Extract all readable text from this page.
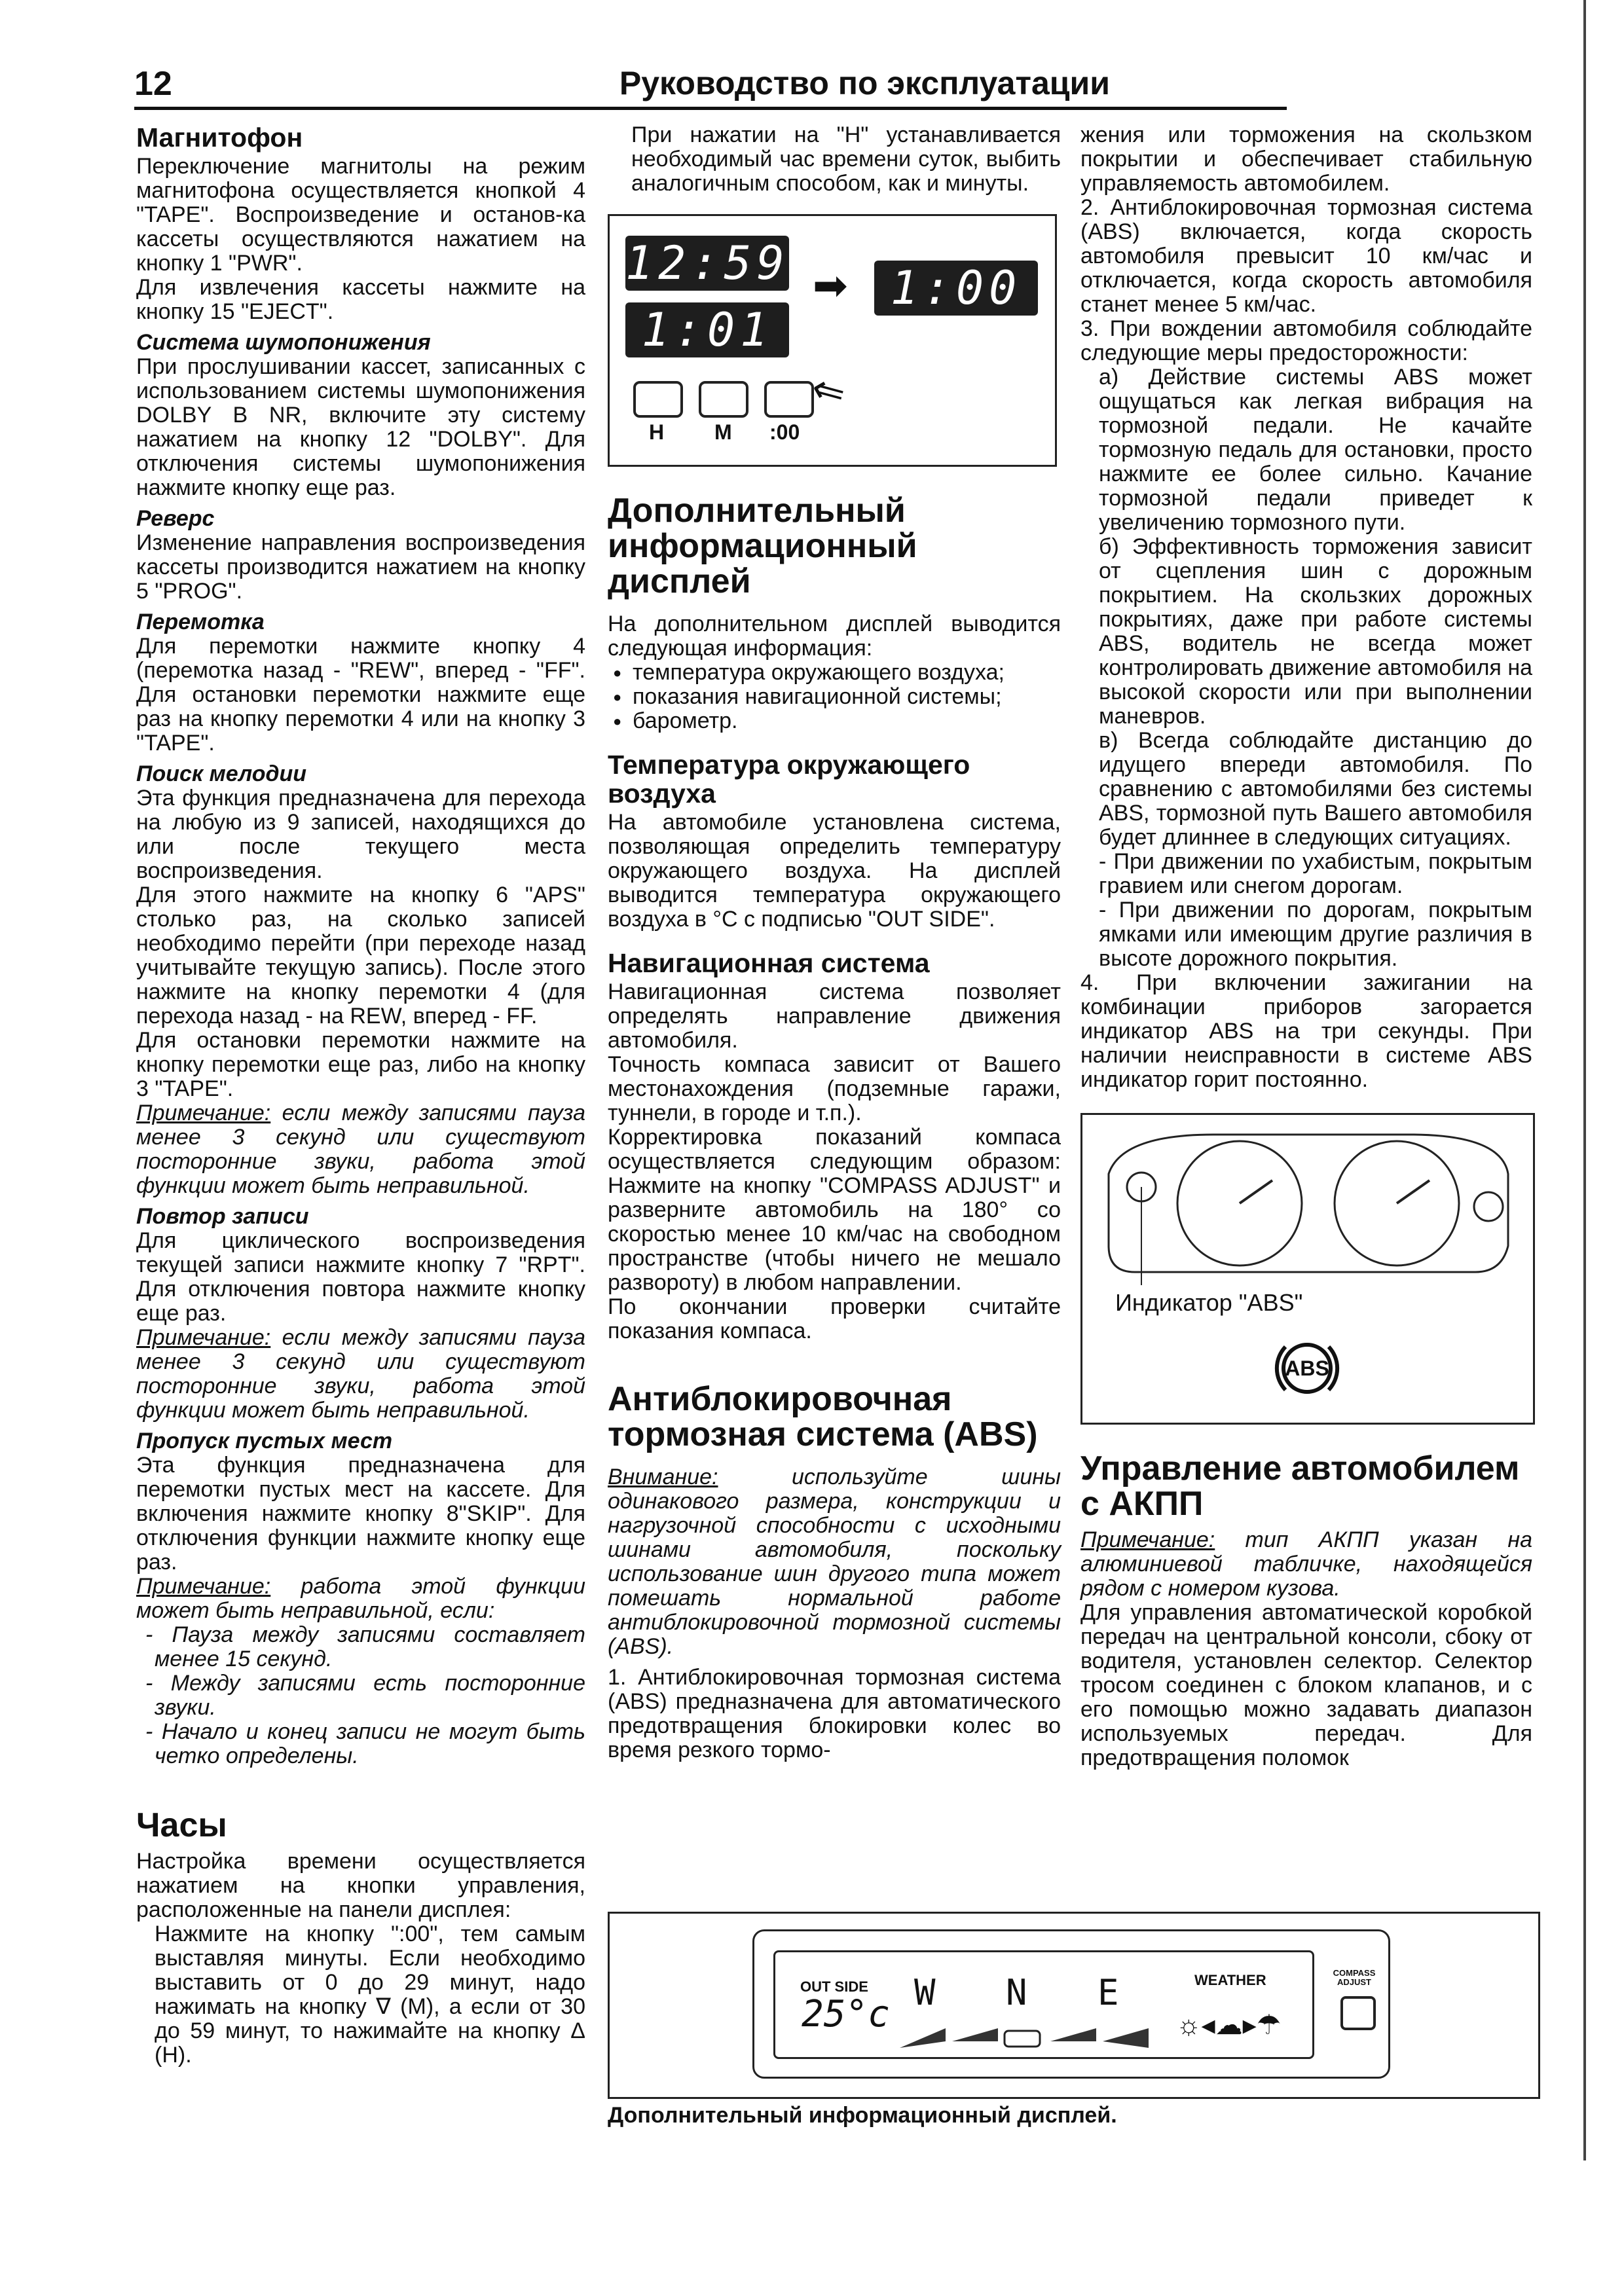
12	Руководство по эксплуатации
Магнитофон

Переключение магнитолы на режим магнитофона осуществляется кнопкой 4 "TAPE". Воспроизведение и останов-ка кассеты осуществляются нажатием на кнопку 1 "PWR".

Для извлечения кассеты нажмите на кнопку 15 "EJECT".

Система шумопонижения

При прослушивании кассет, записанных с использованием системы шумопонижения DOLBY B NR, включите эту систему нажатием на кнопку 12 "DOLBY". Для отключения системы шумопонижения нажмите кнопку еще раз.

Реверс

Изменение направления воспроизведения кассеты производится нажатием на кнопку 5 "PROG".

Перемотка

Для перемотки нажмите кнопку 4 (перемотка назад - "REW", вперед - "FF". Для остановки перемотки нажмите еще раз на кнопку перемотки 4 или на кнопку 3 "TAPE".

Поиск мелодии

Эта функция предназначена для перехода на любую из 9 записей, находящихся до или после текущего места воспроизведения.

Для этого нажмите на кнопку 6 "APS" столько раз, на сколько записей необходимо перейти (при переходе назад учитывайте текущую запись). После этого нажмите на кнопку перемотки 4 (для перехода назад - на REW, вперед - FF.

Для остановки перемотки нажмите на кнопку перемотки еще раз, либо на кнопку 3 "TAPE".

Примечание: если между записями пауза менее 3 секунд или существуют посторонние звуки, работа этой функции может быть неправильной.

Повтор записи

Для циклического воспроизведения текущей записи нажмите кнопку 7 "RPT". Для отключения повтора нажмите кнопку еще раз.

Примечание: если между записями пауза менее 3 секунд или существуют посторонние звуки, работа этой функции может быть неправильной.

Пропуск пустых мест

Эта функция предназначена для перемотки пустых мест на кассете. Для включения нажмите кнопку 8"SKIP". Для отключения функции нажмите кнопку еще раз.

Примечание: работа этой функции может быть неправильной, если:

- Пауза между записями составляет менее 15 секунд.

- Между записями есть посторонние звуки.

- Начало и конец записи не могут быть четко определены.

Часы

Настройка времени осуществляется нажатием на кнопки управления, расположенные на панели дисплея:

Нажмите на кнопку ":00", тем самым выставляя минуты. Если необходимо выставить от 0 до 29 минут, надо нажимать на кнопку ∇ (M), а если от 30 до 59 минут, то нажимайте на кнопку Δ (H).

При нажатии на "H" устанавливается необходимый час времени суток, выбить аналогичным способом, как и минуты.

12:59
1:01
➡ 1:00
⇖
H M :00
Дополнительный информационный дисплей

На дополнительном дисплей выводится следующая информация:

● температура окружающего воздуха;
● показания навигационной системы;
● барометр.
Температура окружающего воздуха

На автомобиле установлена система, позволяющая определить температуру окружающего воздуха. На дисплей выводится температура окружающего воздуха в °C с подписью "OUT SIDE".

Навигационная система

Навигационная система позволяет определять направление движения автомобиля.

Точность компаса зависит от Вашего местонахождения (подземные гаражи, туннели, в городе и т.п.).

Корректировка показаний компаса осуществляется следующим образом: Нажмите на кнопку "COMPASS ADJUST" и разверните автомобиль на 180° со скоростью менее 10 км/час на свободном пространстве (чтобы ничего не мешало развороту) в любом направлении.

По окончании проверки считайте показания компаса.

Антиблокировочная тормозная система (ABS)

Внимание: используйте шины одинакового размера, конструкции и нагрузочной способности с исходными шинами автомобиля, поскольку использование шин другого типа может помешать нормальной работе антиблокировочной тормозной системы (ABS).

1. Антиблокировочная тормозная система (ABS) предназначена для автоматического предотвращения блокировки колес во время резкого тормо-

жения или торможения на скользком покрытии и обеспечивает стабильную управляемость автомобилем.

2. Антиблокировочная тормозная система (ABS) включается, когда скорость автомобиля превысит 10 км/час и отключается, когда скорость автомобиля станет менее 5 км/час.

3. При вождении автомобиля соблюдайте следующие меры предосторожности:

а) Действие системы ABS может ощущаться как легкая вибрация на тормозной педали. Не качайте тормозную педаль для остановки, просто нажмите ее более сильно. Качание тормозной педали приведет к увеличению тормозного пути.

б) Эффективность торможения зависит от сцепления шин с дорожным покрытием. На скользких дорожных покрытиях, даже при работе системы ABS, водитель не всегда может контролировать движение автомобиля на высокой скорости или при выполнении маневров.

в) Всегда соблюдайте дистанцию до идущего впереди автомобиля. По сравнению с автомобилями без системы ABS, тормозной путь Вашего автомобиля будет длиннее в следующих ситуациях.

- При движении по ухабистым, покрытым гравием или снегом дорогам.

- При движении по дорогам, покрытым ямками или имеющим другие различия в высоте дорожного покрытия.

4. При включении зажигании на комбинации приборов загорается индикатор ABS на три секунды. При наличии неисправности в системе ABS индикатор горит постоянно.

Индикатор "ABS"
ABS
Управление автомобилем с АКПП

Примечание: тип АКПП указан на алюминиевой табличке, находящейся рядом с номером кузова.

Для управления автоматической коробкой передач на центральной консоли, сбоку от водителя, установлен селектор. Селектор тросом соединен с блоком клапанов, и с его помощью можно задавать диапазон используемых передач. Для предотвращения поломок

OUT SIDE
25°c
W N E	WEATHER
☼◂☁▸☂
COMPASS ADJUST
Дополнительный информационный дисплей.
